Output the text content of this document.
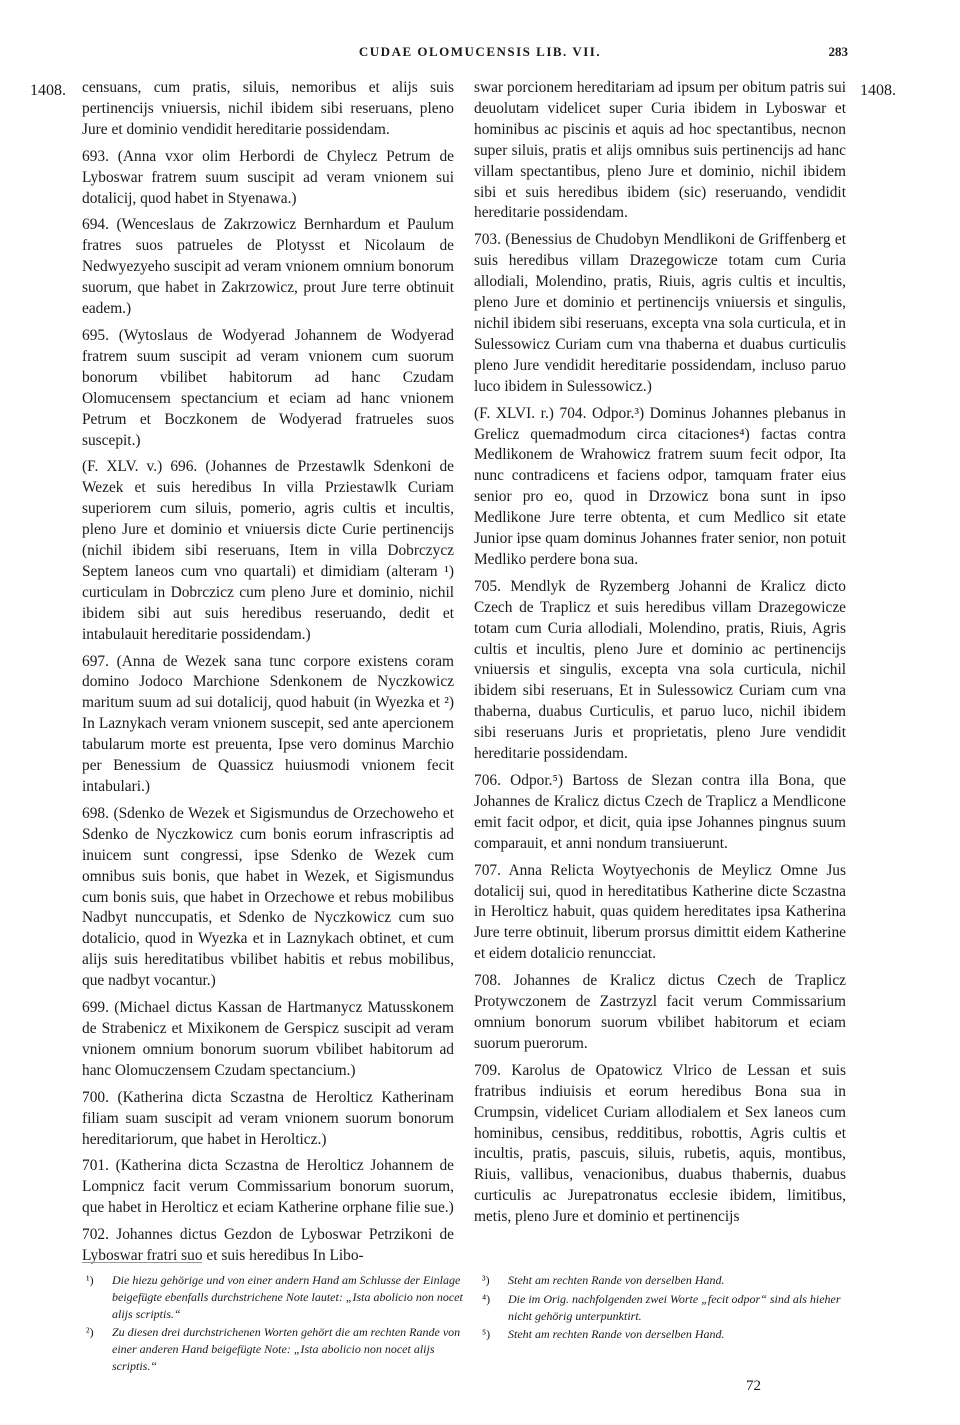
CUDAE OLOMUCENSIS LIB. VII.	283
1408.	1408.

censuans, cum pratis, siluis, nemoribus et alijs suis pertinencijs vniuersis, nichil ibidem sibi reseruans, pleno Jure et dominio vendidit hereditarie possidendam.

693. (Anna vxor olim Herbordi de Chylecz Petrum de Lyboswar fratrem suum suscipit ad veram vnionem sui dotalicij, quod habet in Styenawa.)

694. (Wenceslaus de Zakrzowicz Bernhardum et Paulum fratres suos patrueles de Plotysst et Nicolaum de Nedwyezyeho suscipit ad veram vnionem omnium bonorum suorum, que habet in Zakrzowicz, prout Jure terre obtinuit eadem.)

695. (Wytoslaus de Wodyerad Johannem de Wodyerad fratrem suum suscipit ad veram vnionem cum suorum bonorum vbilibet habitorum ad hanc Czudam Olomucensem spectancium et eciam ad hanc vnionem Petrum et Boczkonem de Wodyerad fratrueles suos suscepit.)

(F. XLV. v.) 696. (Johannes de Przestawlk Sdenkoni de Wezek et suis heredibus In villa Prziestawlk Curiam superiorem cum siluis, pomerio, agris cultis et incultis, pleno Jure et dominio et vniuersis dicte Curie pertinencijs (nichil ibidem sibi reseruans, Item in villa Dobrczycz Septem laneos cum vno quartali) et dimidiam (alteram ¹) curticulam in Dobrczicz cum pleno Jure et dominio, nichil ibidem sibi aut suis heredibus reseruando, dedit et intabulauit hereditarie possidendam.)

697. (Anna de Wezek sana tunc corpore existens coram domino Jodoco Marchione Sdenkonem de Nyczkowicz maritum suum ad sui dotalicij, quod habuit (in Wyezka et ²) In Laznykach veram vnionem suscepit, sed ante apercionem tabularum morte est preuenta, Ipse vero dominus Marchio per Benessium de Quassicz huiusmodi vnionem fecit intabulari.)

698. (Sdenko de Wezek et Sigismundus de Orzechoweho et Sdenko de Nyczkowicz cum bonis eorum infrascriptis ad inuicem sunt congressi, ipse Sdenko de Wezek cum omnibus suis bonis, que habet in Wezek, et Sigismundus cum bonis suis, que habet in Orzechowe et rebus mobilibus Nadbyt nunccupatis, et Sdenko de Nyczkowicz cum suo dotalicio, quod in Wyezka et in Laznykach obtinet, et cum alijs suis hereditatibus vbilibet habitis et rebus mobilibus, que nadbyt vocantur.)

699. (Michael dictus Kassan de Hartmanycz Matusskonem de Strabenicz et Mixikonem de Gerspicz suscipit ad veram vnionem omnium bonorum suorum vbilibet habitorum ad hanc Olomuczensem Czudam spectancium.)

700. (Katherina dicta Sczastna de Herolticz Katherinam filiam suam suscipit ad veram vnionem suorum bonorum hereditariorum, que habet in Herolticz.)

701. (Katherina dicta Sczastna de Herolticz Johannem de Lompnicz facit verum Commissarium bonorum suorum, que habet in Herolticz et eciam Katherine orphane filie sue.)

702. Johannes dictus Gezdon de Lyboswar Petrzikoni de Lyboswar fratri suo et suis heredibus In Libo-

swar porcionem hereditariam ad ipsum per obitum patris sui deuolutam videlicet super Curia ibidem in Lyboswar et hominibus ac piscinis et aquis ad hoc spectantibus, necnon super siluis, pratis et alijs omnibus suis pertinencijs ad hanc villam spectantibus, pleno Jure et dominio, nichil ibidem sibi et suis heredibus ibidem (sic) reseruando, vendidit hereditarie possidendam.

703. (Benessius de Chudobyn Mendlikoni de Griffenberg et suis heredibus villam Drazegowicze totam cum Curia allodiali, Molendino, pratis, Riuis, agris cultis et incultis, pleno Jure et dominio et pertinencijs vniuersis et singulis, nichil ibidem sibi reseruans, excepta vna sola curticula, et in Sulessowicz Curiam cum vna thaberna et duabus curticulis pleno Jure vendidit hereditarie possidendam, incluso paruo luco ibidem in Sulessowicz.)

(F. XLVI. r.) 704. Odpor.³) Dominus Johannes plebanus in Grelicz quemadmodum circa citaciones⁴) factas contra Medlikonem de Wrahowicz fratrem suum fecit odpor, Ita nunc contradicens et faciens odpor, tamquam frater eius senior pro eo, quod in Drzowicz bona sunt in ipso Medlikone Jure terre obtenta, et cum Medlico sit etate Junior ipse quam dominus Johannes frater senior, non potuit Medliko perdere bona sua.

705. Mendlyk de Ryzemberg Johanni de Kralicz dicto Czech de Traplicz et suis heredibus villam Drazegowicze totam cum Curia allodiali, Molendino, pratis, Riuis, Agris cultis et incultis, pleno Jure et dominio ac pertinencijs vniuersis et singulis, excepta vna sola curticula, nichil ibidem sibi reseruans, Et in Sulessowicz Curiam cum vna thaberna, duabus Curticulis, et paruo luco, nichil ibidem sibi reseruans Juris et proprietatis, pleno Jure vendidit hereditarie possidendam.

706. Odpor.⁵) Bartoss de Slezan contra illa Bona, que Johannes de Kralicz dictus Czech de Traplicz a Mendlicone emit facit odpor, et dicit, quia ipse Johannes pingnus suum comparauit, et anni nondum transiuerunt.

707. Anna Relicta Woytyechonis de Meylicz Omne Jus dotalicij sui, quod in hereditatibus Katherine dicte Sczastna in Herolticz habuit, quas quidem hereditates ipsa Katherina Jure terre obtinuit, liberum prorsus dimittit eidem Katherine et eidem dotalicio renuncciat.

708. Johannes de Kralicz dictus Czech de Traplicz Protywczonem de Zastrzyzl facit verum Commissarium omnium bonorum suorum vbilibet habitorum et eciam suorum puerorum.

709. Karolus de Opatowicz Vlrico de Lessan et suis fratribus indiuisis et eorum heredibus Bona sua in Crumpsin, videlicet Curiam allodialem et Sex laneos cum hominibus, censibus, redditibus, robottis, Agris cultis et incultis, pratis, pascuis, siluis, rubetis, aquis, montibus, Riuis, vallibus, venacionibus, duabus thabernis, duabus curticulis ac Jurepatronatus ecclesie ibidem, limitibus, metis, pleno Jure et dominio et pertinencijs

¹) Die hiezu gehörige und von einer andern Hand am Schlusse der Einlage beigefügte ebenfalls durchstrichene Note lautet: „Ista abolicio non nocet alijs scriptis.“
²) Zu diesen drei durchstrichenen Worten gehört die am rechten Rande von einer anderen Hand beigefügte Note: „Ista abolicio non nocet alijs scriptis.“
³) Steht am rechten Rande von derselben Hand.
⁴) Die im Orig. nachfolgenden zwei Worte „fecit odpor“ sind als hieher nicht gehörig unterpunktirt.
⁵) Steht am rechten Rande von derselben Hand.
72
